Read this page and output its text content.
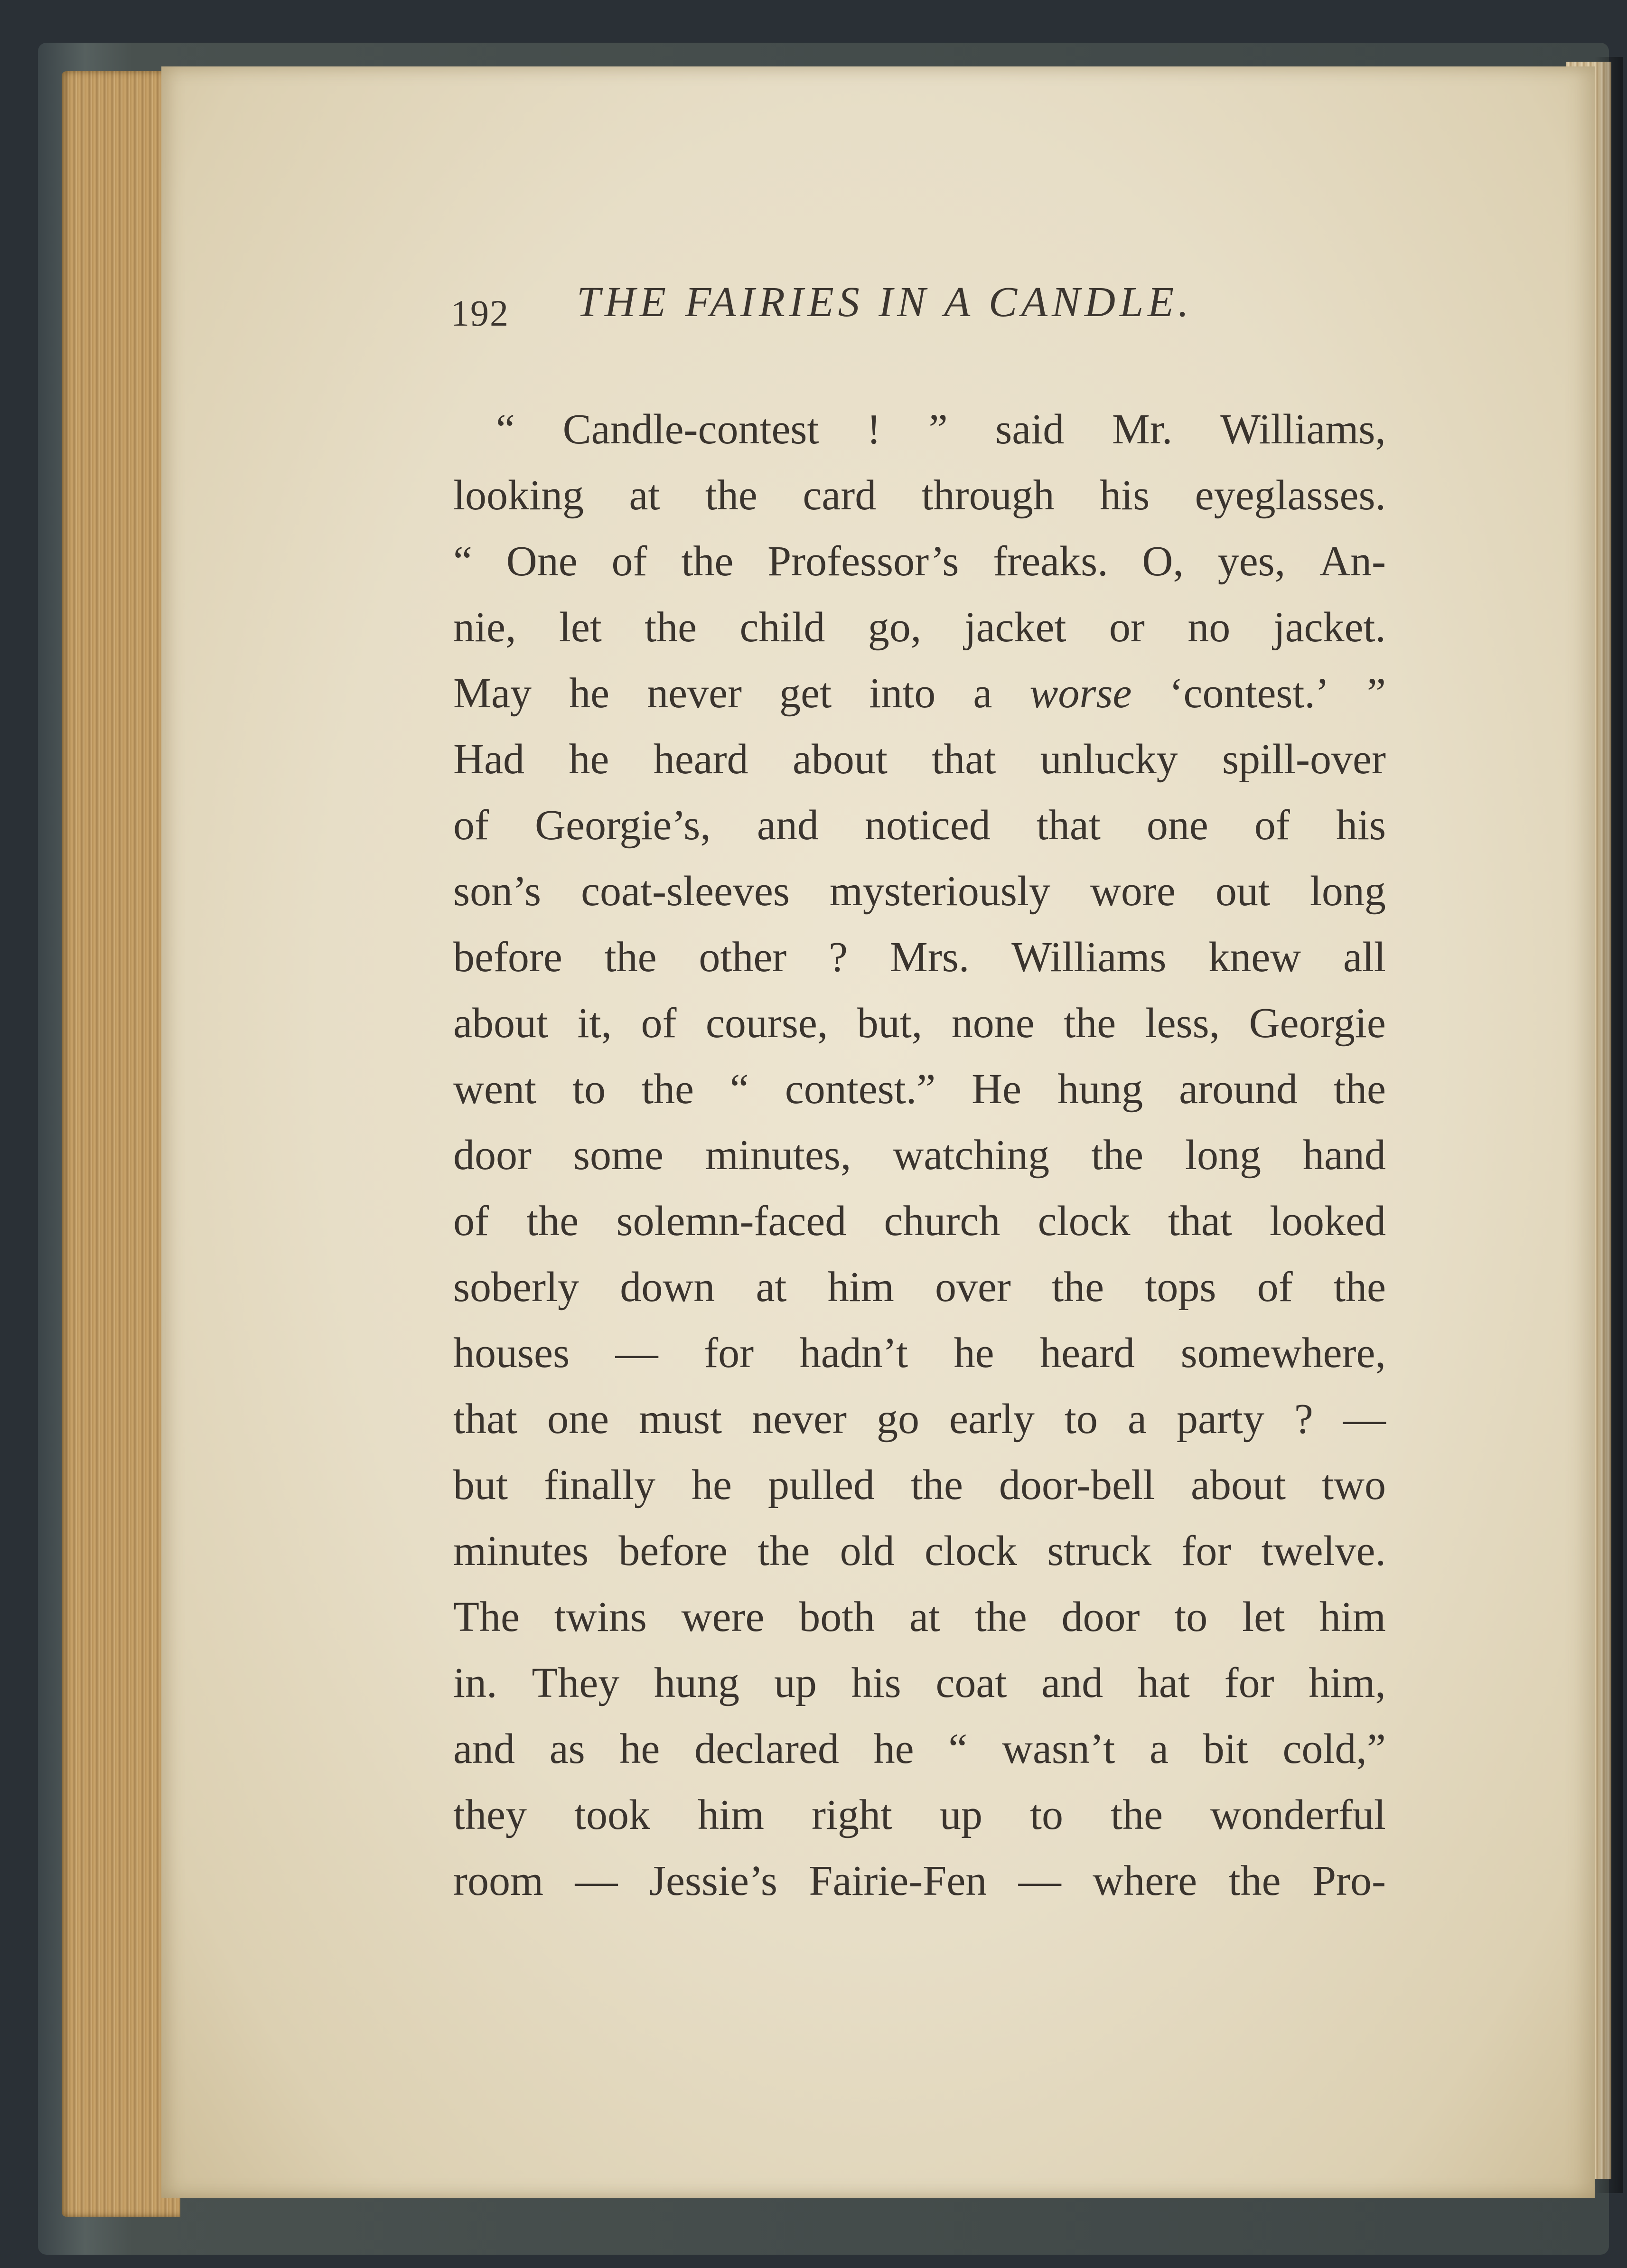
192 THE FAIRIES IN A CANDLE.
“ Candle-contest ! ” said Mr. Williams,
looking at the card through his eyeglasses.
“ One of the Professor’s freaks. O, yes, An-
nie, let the child go, jacket or no jacket.
May he never get into a worse ‘contest.’ ”
Had he heard about that unlucky spill-over
of Georgie’s, and noticed that one of his
son’s coat-sleeves mysteriously wore out long
before the other ? Mrs. Williams knew all
about it, of course, but, none the less, Georgie
went to the “ contest.” He hung around the
door some minutes, watching the long hand
of the solemn-faced church clock that looked
soberly down at him over the tops of the
houses — for hadn’t he heard somewhere,
that one must never go early to a party ? —
but finally he pulled the door-bell about two
minutes before the old clock struck for twelve.
The twins were both at the door to let him
in. They hung up his coat and hat for him,
and as he declared he “ wasn’t a bit cold,”
they took him right up to the wonderful
room — Jessie’s Fairie-Fen — where the Pro-
